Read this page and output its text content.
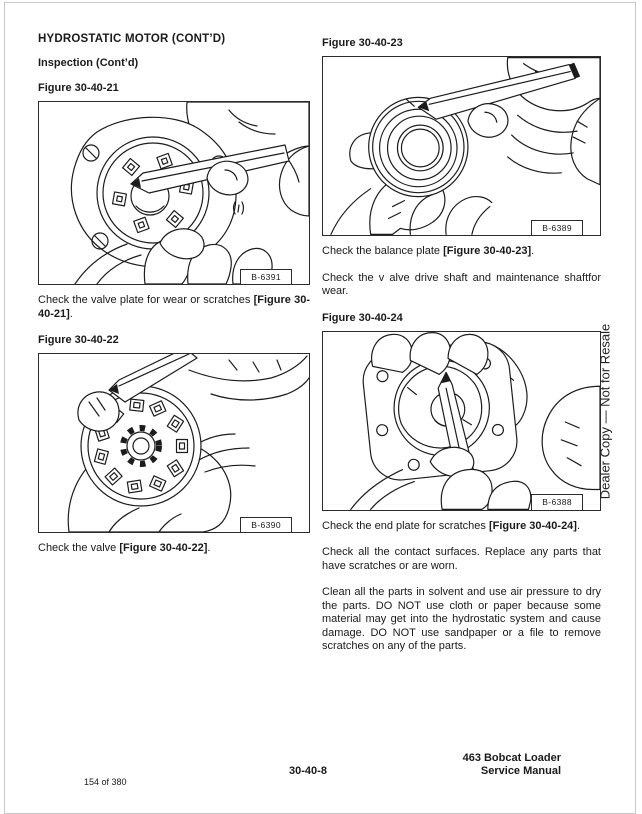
HYDROSTATIC MOTOR (CONT’D)
Inspection (Cont’d)
Figure 30-40-21
B-6391

Check the valve plate for wear or scratches [Figure 30-40-21].

Figure 30-40-22
B-6390

Check the valve [Figure 30-40-22].

Figure 30-40-23
B-6389

Check the balance plate [Figure 30-40-23].

Check the v alve drive shaft and maintenance shaftfor wear.

Figure 30-40-24
B-6388

Check the end plate for scratches [Figure 30-40-24].

Check all the contact surfaces. Replace any parts that have scratches or are worn.

Clean all the parts in solvent and use air pressure to dry the parts. DO NOT use cloth or paper because some material may get into the hydrostatic system and cause damage. DO NOT use sandpaper or a file to remove scratches on any of the parts.

Dealer Copy — Not for Resale
154 of 380
30-40-8
463 Bobcat Loader
Service Manual
